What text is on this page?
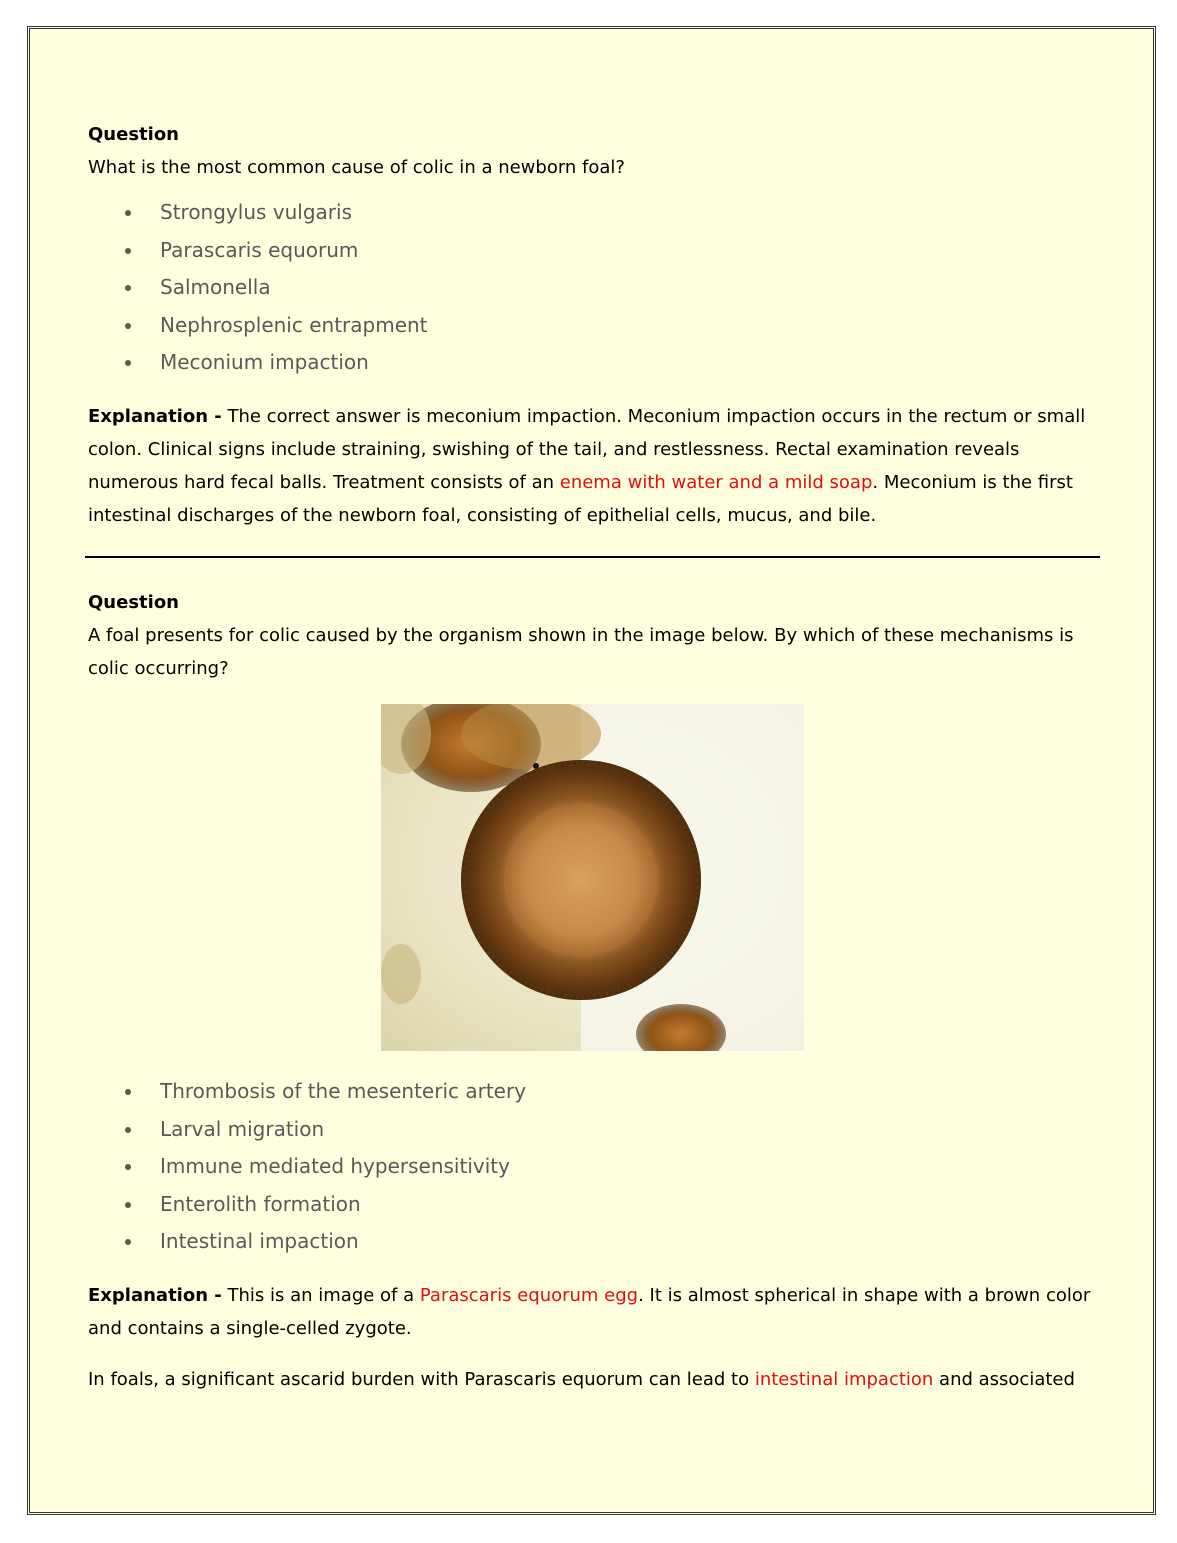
Question

What is the most common cause of colic in a newborn foal?

Strongylus vulgaris
Parascaris equorum
Salmonella
Nephrosplenic entrapment
Meconium impaction

Explanation - The correct answer is meconium impaction. Meconium impaction occurs in the rectum or small colon. Clinical signs include straining, swishing of the tail, and restlessness. Rectal examination reveals numerous hard fecal balls. Treatment consists of an enema with water and a mild soap. Meconium is the first intestinal discharges of the newborn foal, consisting of epithelial cells, mucus, and bile.

Question

A foal presents for colic caused by the organism shown in the image below. By which of these mechanisms is colic occurring?

Thrombosis of the mesenteric artery
Larval migration
Immune mediated hypersensitivity
Enterolith formation
Intestinal impaction

Explanation - This is an image of a Parascaris equorum egg. It is almost spherical in shape with a brown color and contains a single-celled zygote.

In foals, a significant ascarid burden with Parascaris equorum can lead to intestinal impaction and associated
